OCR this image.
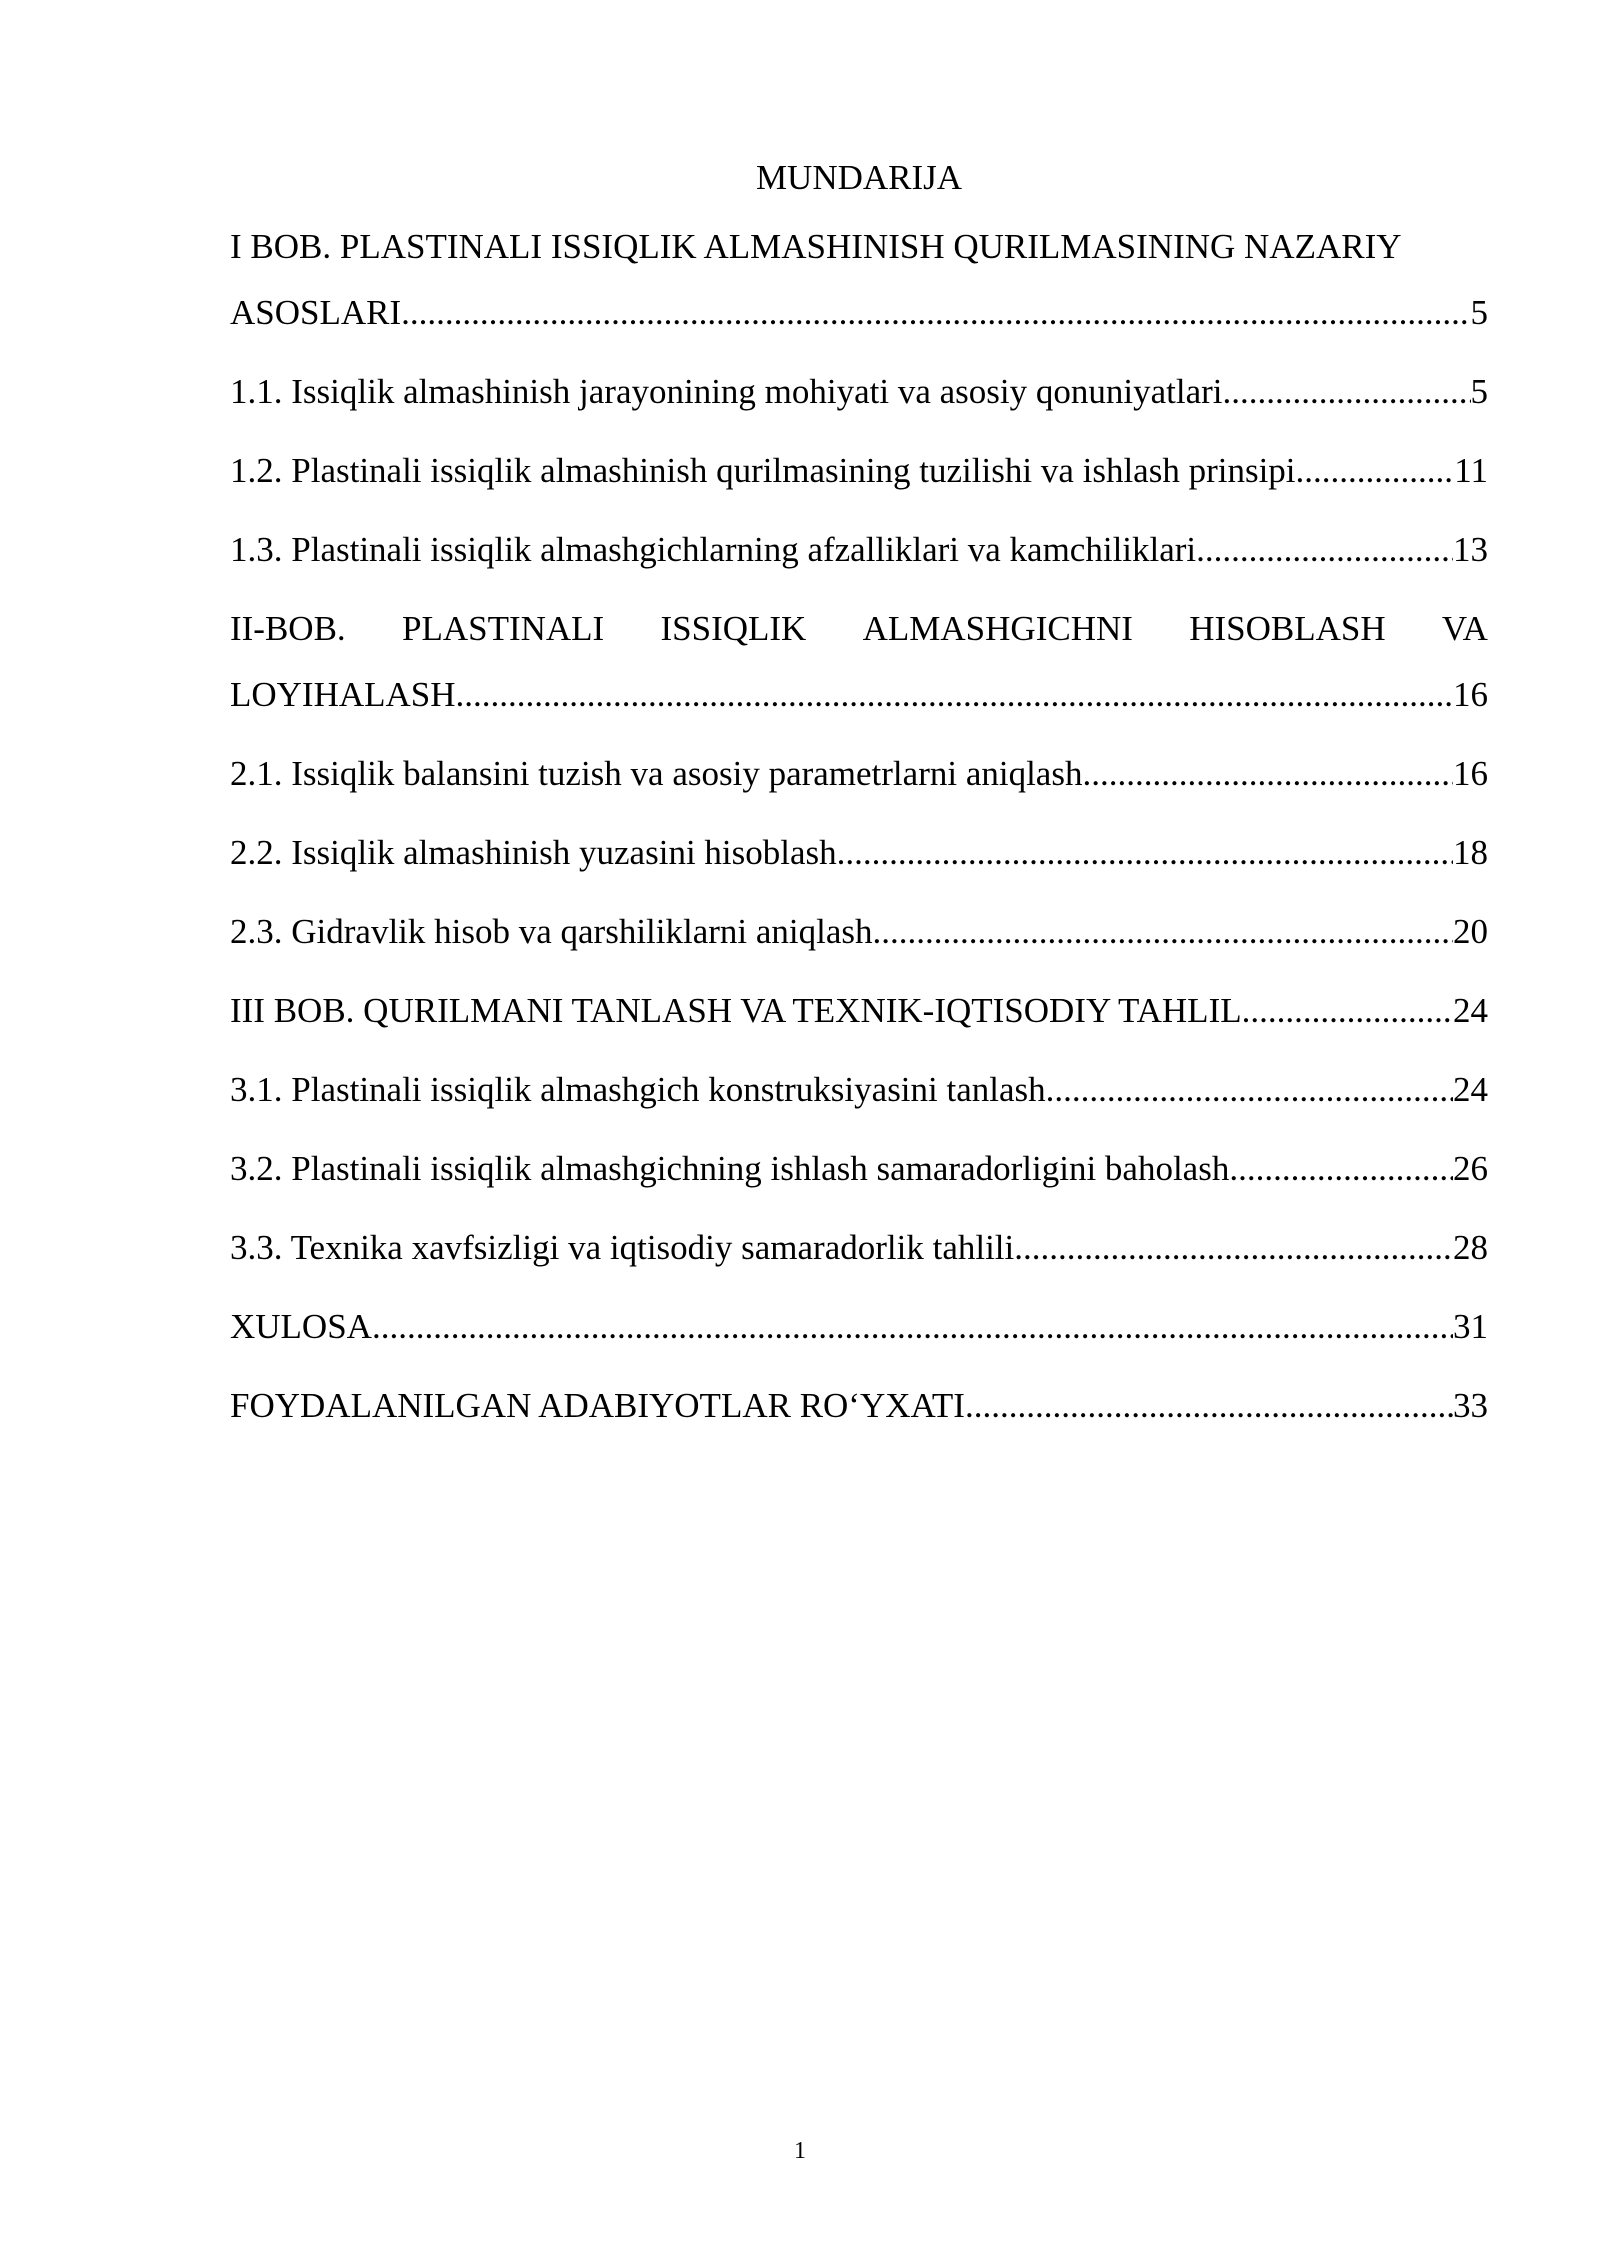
MUNDARIJA
I BOB. PLASTINALI ISSIQLIK ALMASHINISH QURILMASINING NAZARIY
ASOSLARI .....	5
1.1. Issiqlik almashinish jarayonining mohiyati va asosiy qonuniyatlari .....	5
1.2. Plastinali issiqlik almashinish qurilmasining tuzilishi va ishlash prinsipi .....	11
1.3. Plastinali issiqlik almashgichlarning afzalliklari va kamchiliklari .....	13
II-BOB. PLASTINALI ISSIQLIK ALMASHGICHNI HISOBLASH VA
LOYIHALASH .....	16
2.1. Issiqlik balansini tuzish va asosiy parametrlarni aniqlash .....	16
2.2. Issiqlik almashinish yuzasini hisoblash .....	18
2.3. Gidravlik hisob va qarshiliklarni aniqlash .....	20
III BOB. QURILMANI TANLASH VA TEXNIK-IQTISODIY TAHLIL .....	24
3.1. Plastinali issiqlik almashgich konstruksiyasini tanlash .....	24
3.2. Plastinali issiqlik almashgichning ishlash samaradorligini baholash .....	26
3.3. Texnika xavfsizligi va iqtisodiy samaradorlik tahlili .....	28
XULOSA .....	31
FOYDALANILGAN ADABIYOTLAR RO‘YXATI .....	33
1
